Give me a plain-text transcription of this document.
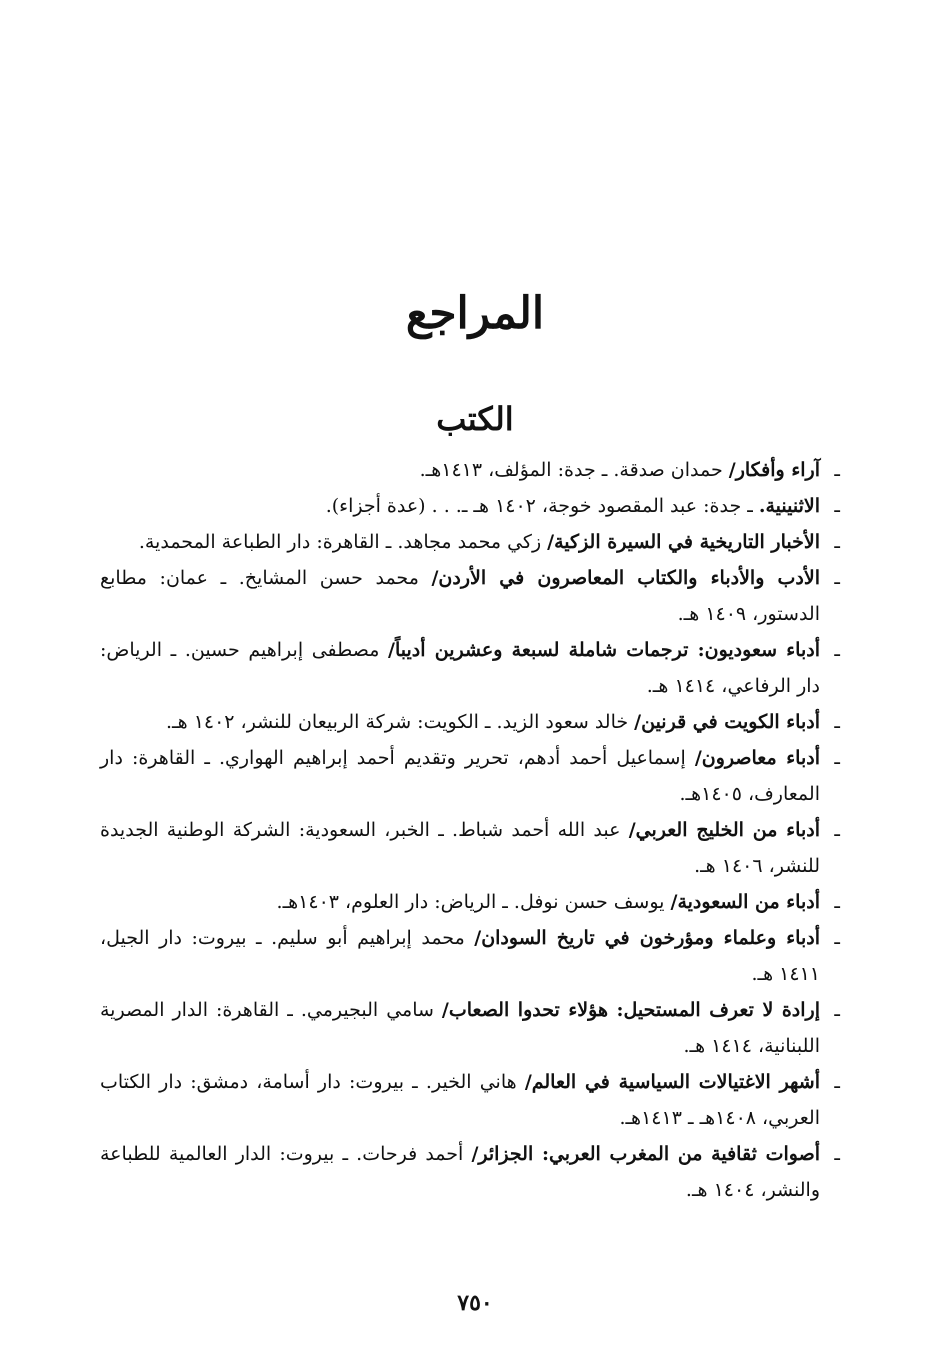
المراجع
الكتب

ـ
آراء وأفكار/ حمدان صدقة. ـ جدة: المؤلف، ١٤١٣هـ.

ـ
الاثنينية. ـ جدة: عبد المقصود خوجة، ١٤٠٢ هـ ـ. . . (عدة أجزاء).

ـ
الأخبار التاريخية في السيرة الزكية/ زكي محمد مجاهد. ـ القاهرة: دار الطباعة المحمدية.

ـ
الأدب والأدباء والكتاب المعاصرون في الأردن/ محمد حسن المشايخ. ـ عمان: مطابع الدستور، ١٤٠٩ هـ.

ـ
أدباء سعوديون: ترجمات شاملة لسبعة وعشرين أديباً/ مصطفى إبراهيم حسين. ـ الرياض: دار الرفاعي، ١٤١٤ هـ.

ـ
أدباء الكويت في قرنين/ خالد سعود الزيد. ـ الكويت: شركة الربيعان للنشر، ١٤٠٢ هـ.

ـ
أدباء معاصرون/ إسماعيل أحمد أدهم، تحرير وتقديم أحمد إبراهيم الهواري. ـ القاهرة: دار المعارف، ١٤٠٥هـ.

ـ
أدباء من الخليج العربي/ عبد الله أحمد شباط. ـ الخبر، السعودية: الشركة الوطنية الجديدة للنشر، ١٤٠٦ هـ.

ـ
أدباء من السعودية/ يوسف حسن نوفل. ـ الرياض: دار العلوم، ١٤٠٣هـ.

ـ
أدباء وعلماء ومؤرخون في تاريخ السودان/ محمد إبراهيم أبو سليم. ـ بيروت: دار الجيل، ١٤١١ هـ.

ـ
إرادة لا تعرف المستحيل: هؤلاء تحدوا الصعاب/ سامي البجيرمي. ـ القاهرة: الدار المصرية اللبنانية، ١٤١٤ هـ.

ـ
أشهر الاغتيالات السياسية في العالم/ هاني الخير. ـ بيروت: دار أسامة، دمشق: دار الكتاب العربي، ١٤٠٨هـ ـ ١٤١٣هـ.

ـ
أصوات ثقافية من المغرب العربي: الجزائر/ أحمد فرحات. ـ بيروت: الدار العالمية للطباعة والنشر، ١٤٠٤ هـ.

٧٥٠
